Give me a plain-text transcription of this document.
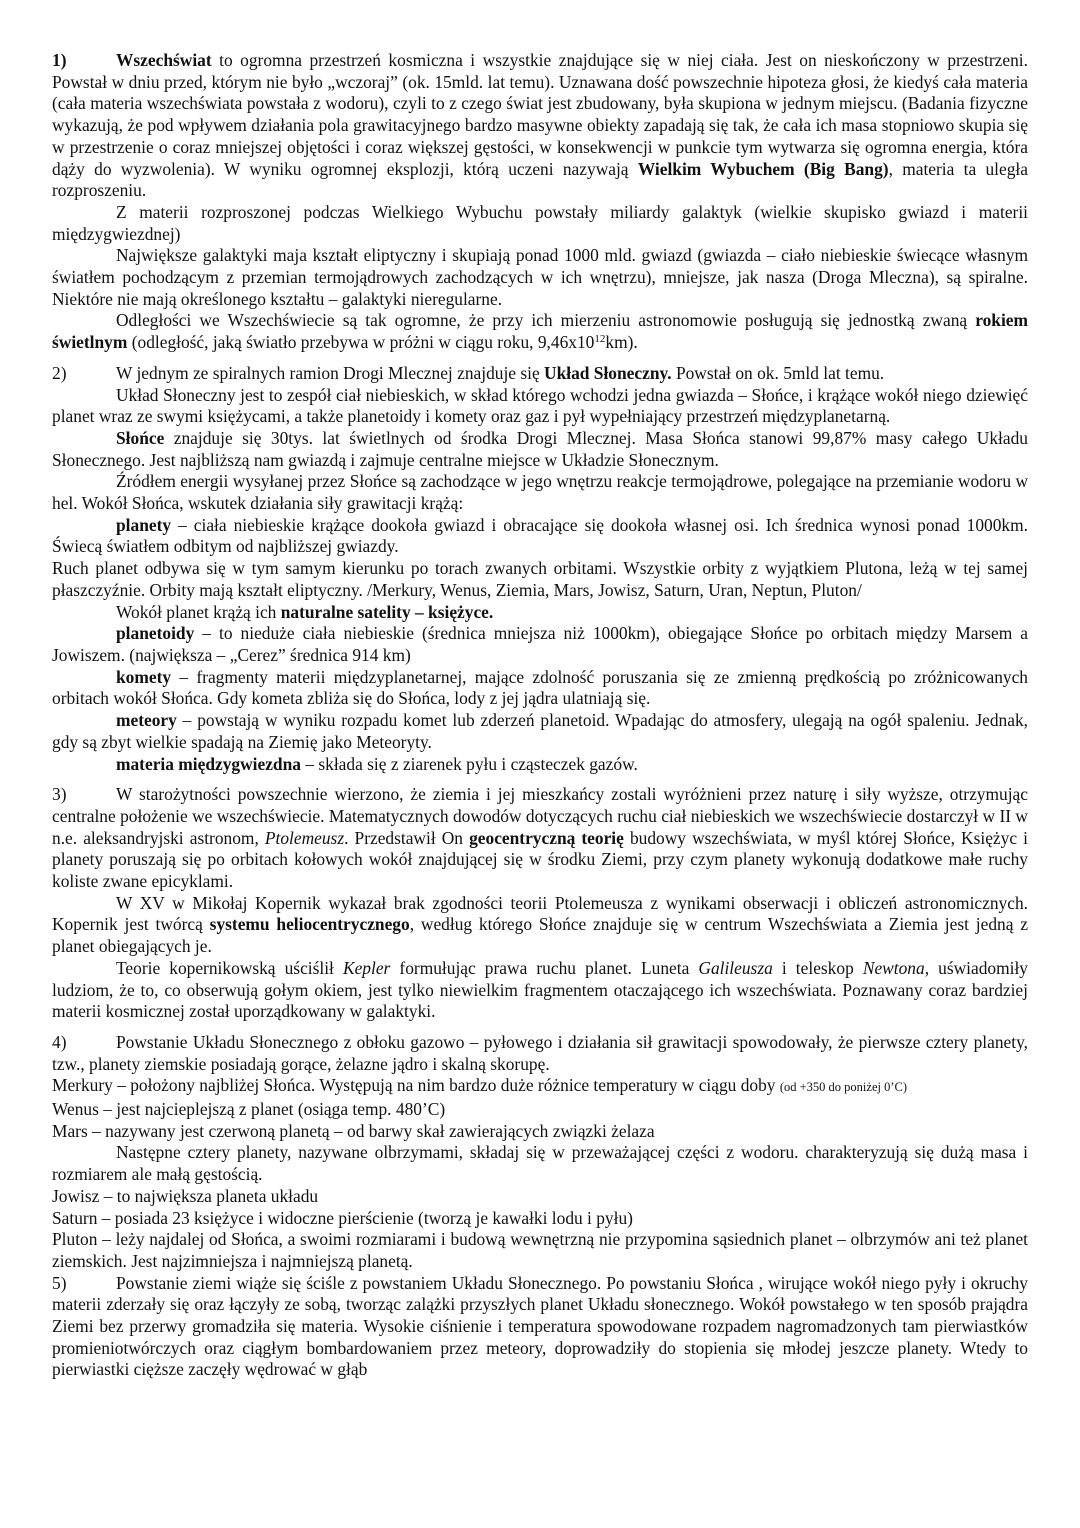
1)	Wszechświat to ogromna przestrzeń kosmiczna i wszystkie znajdujące się w niej ciała. Jest on nieskończony w przestrzeni. Powstał w dniu przed, którym nie było „wczoraj” (ok. 15mld. lat temu). Uznawana dość powszechnie hipoteza głosi, że kiedyś cała materia (cała materia wszechświata powstała z wodoru), czyli to z czego świat jest zbudowany, była skupiona w jednym miejscu. (Badania fizyczne wykazują, że pod wpływem działania pola grawitacyjnego bardzo masywne obiekty zapadają się tak, że cała ich masa stopniowo skupia się w przestrzenie o coraz mniejszej objętości i coraz większej gęstości, w konsekwencji w punkcie tym wytwarza się ogromna energia, która dąży do wyzwolenia). W wyniku ogromnej eksplozji, którą uczeni nazywają Wielkim Wybuchem (Big Bang), materia ta uległa rozproszeniu.

Z materii rozproszonej podczas Wielkiego Wybuchu powstały miliardy galaktyk (wielkie skupisko gwiazd i materii międzygwiezdnej)

Największe galaktyki maja kształt eliptyczny i skupiają ponad 1000 mld. gwiazd (gwiazda – ciało niebieskie świecące własnym światłem pochodzącym z przemian termojądrowych zachodzących w ich wnętrzu), mniejsze, jak nasza (Droga Mleczna), są spiralne. Niektóre nie mają określonego kształtu – galaktyki nieregularne.

Odległości we Wszechświecie są tak ogromne, że przy ich mierzeniu astronomowie posługują się jednostką zwaną rokiem świetlnym (odległość, jaką światło przebywa w próżni w ciągu roku, $9,46x10^{12}km$).

2)	W jednym ze spiralnych ramion Drogi Mlecznej znajduje się Układ Słoneczny. Powstał on ok. 5mld lat temu.

Układ Słoneczny jest to zespół ciał niebieskich, w skład którego wchodzi jedna gwiazda – Słońce, i krążące wokół niego dziewięć planet wraz ze swymi księżycami, a także planetoidy i komety oraz gaz i pył wypełniający przestrzeń międzyplanetarną.

Słońce znajduje się 30tys. lat świetlnych od środka Drogi Mlecznej. Masa Słońca stanowi 99,87% masy całego Układu Słonecznego. Jest najbliższą nam gwiazdą i zajmuje centralne miejsce w Układzie Słonecznym.

Źródłem energii wysyłanej przez Słońce są zachodzące w jego wnętrzu reakcje termojądrowe, polegające na przemianie wodoru w hel. Wokół Słońca, wskutek działania siły grawitacji krążą:

planety – ciała niebieskie krążące dookoła gwiazd i obracające się dookoła własnej osi. Ich średnica wynosi ponad 1000km. Świecą światłem odbitym od najbliższej gwiazdy.

Ruch planet odbywa się w tym samym kierunku po torach zwanych orbitami. Wszystkie orbity z wyjątkiem Plutona, leżą w tej samej płaszczyźnie. Orbity mają kształt eliptyczny. /Merkury, Wenus, Ziemia, Mars, Jowisz, Saturn, Uran, Neptun, Pluton/

Wokół planet krążą ich naturalne satelity – księżyce.

planetoidy – to nieduże ciała niebieskie (średnica mniejsza niż 1000km), obiegające Słońce po orbitach między Marsem a Jowiszem. (największa – „Cerez” średnica 914 km)

komety – fragmenty materii międzyplanetarnej, mające zdolność poruszania się ze zmienną prędkością po zróżnicowanych orbitach wokół Słońca. Gdy kometa zbliża się do Słońca, lody z jej jądra ulatniają się.

meteory – powstają w wyniku rozpadu komet lub zderzeń planetoid. Wpadając do atmosfery, ulegają na ogół spaleniu. Jednak, gdy są zbyt wielkie spadają na Ziemię jako Meteoryty.

materia międzygwiezdna – składa się z ziarenek pyłu i cząsteczek gazów.

3)	W starożytności powszechnie wierzono, że ziemia i jej mieszkańcy zostali wyróżnieni przez naturę i siły wyższe, otrzymując centralne położenie we wszechświecie. Matematycznych dowodów dotyczących ruchu ciał niebieskich we wszechświecie dostarczył w II w n.e. aleksandryjski astronom, Ptolemeusz. Przedstawił On geocentryczną teorię budowy wszechświata, w myśl której Słońce, Księżyc i planety poruszają się po orbitach kołowych wokół znajdującej się w środku Ziemi, przy czym planety wykonują dodatkowe małe ruchy koliste zwane epicyklami.

W XV w Mikołaj Kopernik wykazał brak zgodności teorii Ptolemeusza z wynikami obserwacji i obliczeń astronomicznych. Kopernik jest twórcą systemu heliocentrycznego, według którego Słońce znajduje się w centrum Wszechświata a Ziemia jest jedną z planet obiegających je.

Teorie kopernikowską uściślił Kepler formułując prawa ruchu planet. Luneta Galileusza i teleskop Newtona, uświadomiły ludziom, że to, co obserwują gołym okiem, jest tylko niewielkim fragmentem otaczającego ich wszechświata. Poznawany coraz bardziej materii kosmicznej został uporządkowany w galaktyki.

4)	Powstanie Układu Słonecznego z obłoku gazowo – pyłowego i działania sił grawitacji spowodowały, że pierwsze cztery planety, tzw., planety ziemskie posiadają gorące, żelazne jądro i skalną skorupę.

Merkury – położony najbliżej Słońca. Występują na nim bardzo duże różnice temperatury w ciągu doby (od +350 do poniżej 0’C)

Wenus – jest najcieplejszą z planet (osiąga temp. 480’C)

Mars – nazywany jest czerwoną planetą – od barwy skał zawierających związki żelaza

Następne cztery planety, nazywane olbrzymami, składaj się w przeważającej części z wodoru. charakteryzują się dużą masa i rozmiarem ale małą gęstością.

Jowisz – to największa planeta układu

Saturn – posiada 23 księżyce i widoczne pierścienie (tworzą je kawałki lodu i pyłu)

Pluton – leży najdalej od Słońca, a swoimi rozmiarami i budową wewnętrzną nie przypomina sąsiednich planet – olbrzymów ani też planet ziemskich. Jest najzimniejsza i najmniejszą planetą.

5)	Powstanie ziemi wiąże się ściśle z powstaniem Układu Słonecznego. Po powstaniu Słońca , wirujące wokół niego pyły i okruchy materii zderzały się oraz łączyły ze sobą, tworząc zalążki przyszłych planet Układu słonecznego. Wokół powstałego w ten sposób prajądra Ziemi bez przerwy gromadziła się materia. Wysokie ciśnienie i temperatura spowodowane rozpadem nagromadzonych tam pierwiastków promieniotwórczych oraz ciągłym bombardowaniem przez meteory, doprowadziły do stopienia się młodej jeszcze planety. Wtedy to pierwiastki cięższe zaczęły wędrować w głąb
